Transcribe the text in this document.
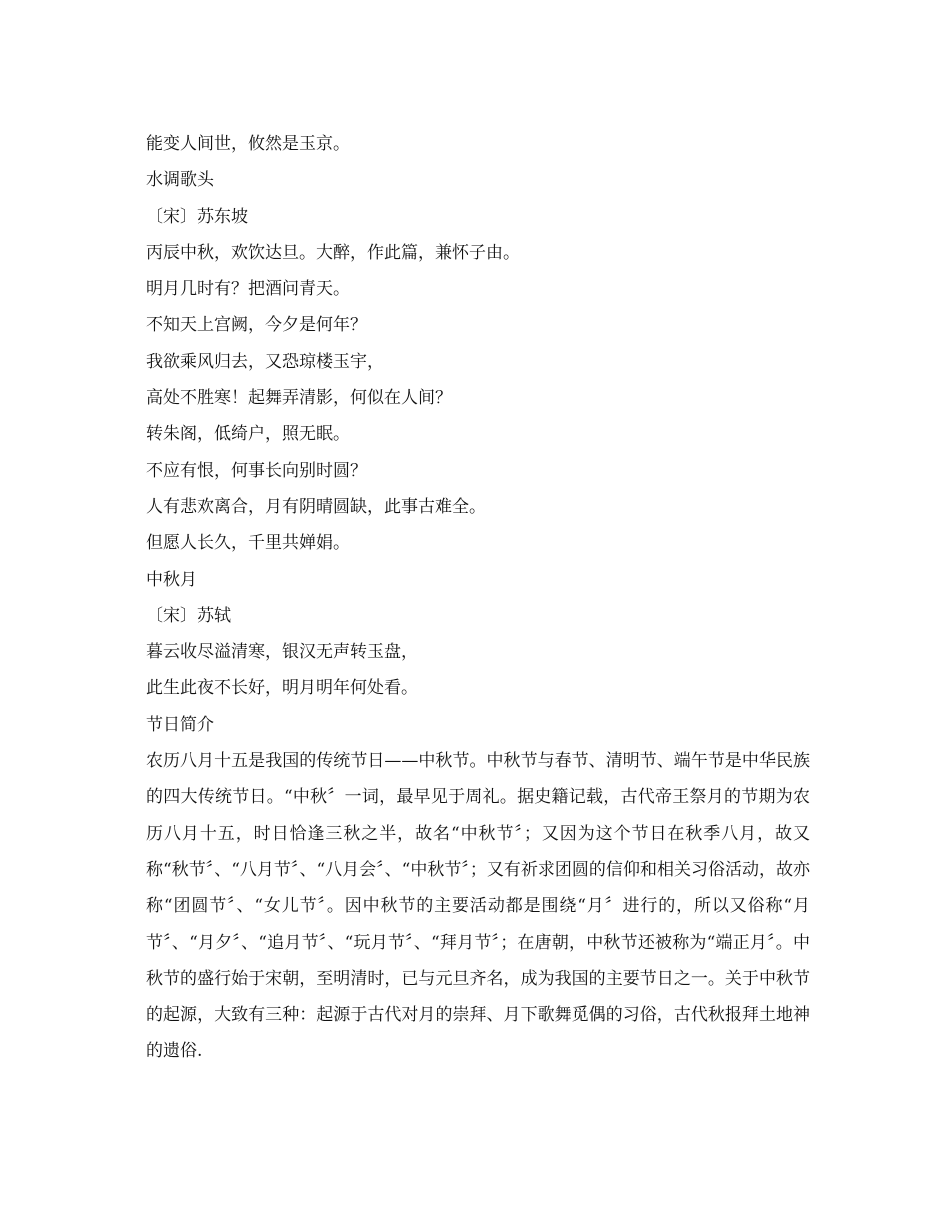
能变人间世，攸然是玉京。

水调歌头

〔宋〕苏东坡

丙辰中秋，欢饮达旦。大醉，作此篇，兼怀子由。

明月几时有？把酒问青天。

不知天上宫阙，今夕是何年？

我欲乘风归去，又恐琼楼玉宇，

高处不胜寒！起舞弄清影，何似在人间？

转朱阁，低绮户，照无眠。

不应有恨，何事长向别时圆？

人有悲欢离合，月有阴晴圆缺，此事古难全。

但愿人长久，千里共婵娟。

中秋月

〔宋〕苏轼

暮云收尽溢清寒，银汉无声转玉盘，

此生此夜不长好，明月明年何处看。

节日简介

农历八月十五是我国的传统节日——中秋节。中秋节与春节、清明节、端午节是中华民族的四大传统节日。“中秋〞一词，最早见于周礼。据史籍记载，古代帝王祭月的节期为农历八月十五，时日恰逢三秋之半，故名“中秋节〞；又因为这个节日在秋季八月，故又称“秋节〞、“八月节〞、“八月会〞、“中秋节〞；又有祈求团圆的信仰和相关习俗活动，故亦称“团圆节〞、“女儿节〞。因中秋节的主要活动都是围绕“月〞进行的，所以又俗称“月节〞、“月夕〞、“追月节〞、“玩月节〞、“拜月节〞；在唐朝，中秋节还被称为“端正月〞。中秋节的盛行始于宋朝，至明清时，已与元旦齐名，成为我国的主要节日之一。关于中秋节的起源，大致有三种：起源于古代对月的崇拜、月下歌舞觅偶的习俗，古代秋报拜土地神的遗俗.
